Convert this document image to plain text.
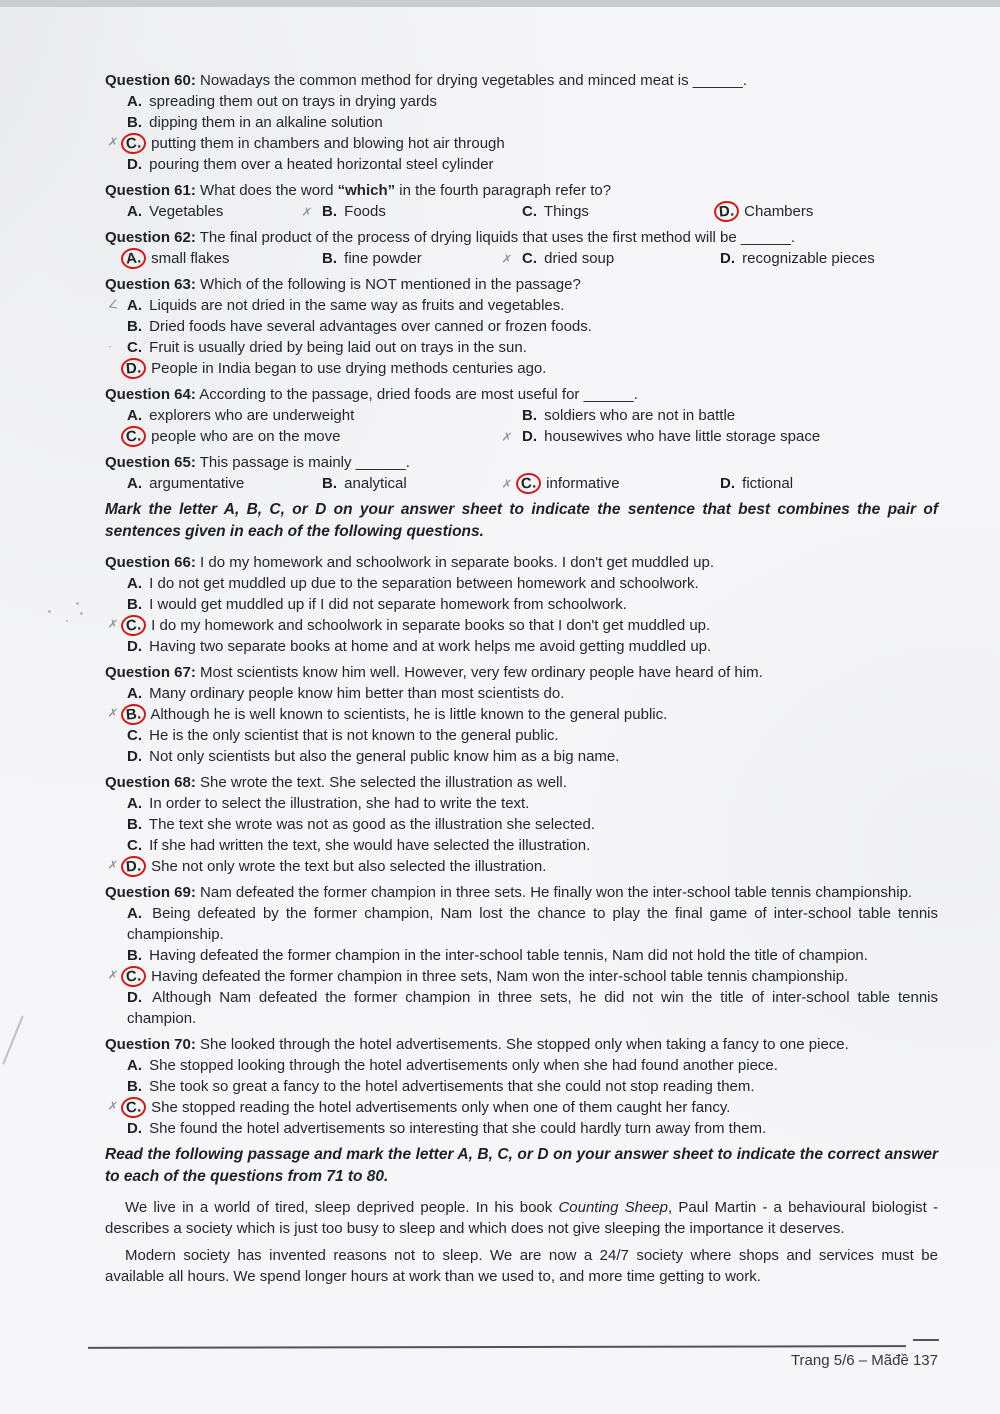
Question 60: Nowadays the common method for drying vegetables and minced meat is ______.
A. spreading them out on trays in drying yards
B. dipping them in an alkaline solution
✗ C. putting them in chambers and blowing hot air through
D. pouring them over a heated horizontal steel cylinder
Question 61: What does the word “which” in the fourth paragraph refer to?
A. Vegetables	✗ B. Foods	C. Things	D. Chambers
Question 62: The final product of the process of drying liquids that uses the first method will be ______.
A. small flakes	B. fine powder	✗ C. dried soup	D. recognizable pieces
Question 63: Which of the following is NOT mentioned in the passage?
∠ A. Liquids are not dried in the same way as fruits and vegetables.
B. Dried foods have several advantages over canned or frozen foods.
· C. Fruit is usually dried by being laid out on trays in the sun.
D. People in India began to use drying methods centuries ago.
Question 64: According to the passage, dried foods are most useful for ______.
A. explorers who are underweight	B. soldiers who are not in battle
C. people who are on the move	✗ D. housewives who have little storage space
Question 65: This passage is mainly ______.
A. argumentative	B. analytical	✗ C. informative	D. fictional
Mark the letter A, B, C, or D on your answer sheet to indicate the sentence that best combines the pair of sentences given in each of the following questions.
Question 66: I do my homework and schoolwork in separate books. I don't get muddled up.
A. I do not get muddled up due to the separation between homework and schoolwork.
B. I would get muddled up if I did not separate homework from schoolwork.
✗ C. I do my homework and schoolwork in separate books so that I don't get muddled up.
D. Having two separate books at home and at work helps me avoid getting muddled up.
Question 67: Most scientists know him well. However, very few ordinary people have heard of him.
A. Many ordinary people know him better than most scientists do.
✗ B. Although he is well known to scientists, he is little known to the general public.
C. He is the only scientist that is not known to the general public.
D. Not only scientists but also the general public know him as a big name.
Question 68: She wrote the text. She selected the illustration as well.
A. In order to select the illustration, she had to write the text.
B. The text she wrote was not as good as the illustration she selected.
C. If she had written the text, she would have selected the illustration.
✗ D. She not only wrote the text but also selected the illustration.
Question 69: Nam defeated the former champion in three sets. He finally won the inter-school table tennis championship.
A. Being defeated by the former champion, Nam lost the chance to play the final game of inter-school table tennis championship.
B. Having defeated the former champion in the inter-school table tennis, Nam did not hold the title of champion.
✗ C. Having defeated the former champion in three sets, Nam won the inter-school table tennis championship.
D. Although Nam defeated the former champion in three sets, he did not win the title of inter-school table tennis champion.
Question 70: She looked through the hotel advertisements. She stopped only when taking a fancy to one piece.
A. She stopped looking through the hotel advertisements only when she had found another piece.
B. She took so great a fancy to the hotel advertisements that she could not stop reading them.
✗ C. She stopped reading the hotel advertisements only when one of them caught her fancy.
D. She found the hotel advertisements so interesting that she could hardly turn away from them.
Read the following passage and mark the letter A, B, C, or D on your answer sheet to indicate the correct answer to each of the questions from 71 to 80.

We live in a world of tired, sleep deprived people. In his book Counting Sheep, Paul Martin - a behavioural biologist - describes a society which is just too busy to sleep and which does not give sleeping the importance it deserves.

Modern society has invented reasons not to sleep. We are now a 24/7 society where shops and services must be available all hours. We spend longer hours at work than we used to, and more time getting to work.

Trang 5/6 – Mãđề 137
